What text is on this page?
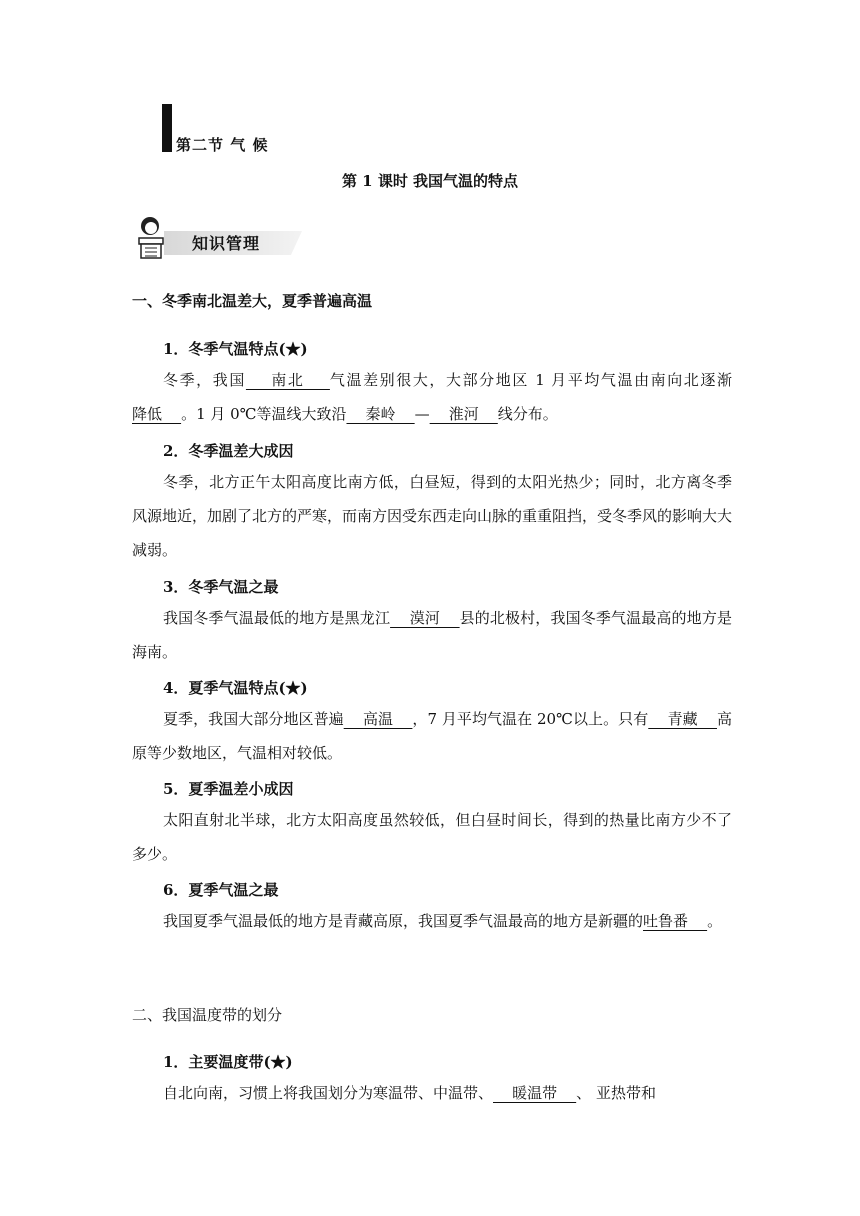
第二节 气 候
第 1 课时 我国气温的特点
知识管理
一、冬季南北温差大，夏季普遍高温
1．冬季气温特点(★)
冬季，我国    南北    气温差别很大，大部分地区 1 月平均气温由南向北逐渐降低    。1 月 0℃等温线大致沿    秦岭    —    淮河    线分布。
2．冬季温差大成因
冬季，北方正午太阳高度比南方低，白昼短，得到的太阳光热少；同时，北方离冬季风源地近，加剧了北方的严寒，而南方因受东西走向山脉的重重阻挡，受冬季风的影响大大减弱。
3．冬季气温之最
我国冬季气温最低的地方是黑龙江    漠河    县的北极村，我国冬季气温最高的地方是海南。
4．夏季气温特点(★)
夏季，我国大部分地区普遍    高温    ，7 月平均气温在 20℃以上。只有    青藏    高原等少数地区，气温相对较低。
5．夏季温差小成因
太阳直射北半球，北方太阳高度虽然较低，但白昼时间长，得到的热量比南方少不了多少。
6．夏季气温之最
我国夏季气温最低的地方是青藏高原，我国夏季气温最高的地方是新疆的吐鲁番    。
二、我国温度带的划分
1．主要温度带(★)
自北向南，习惯上将我国划分为寒温带、中温带、    暖温带    、 亚热带和
